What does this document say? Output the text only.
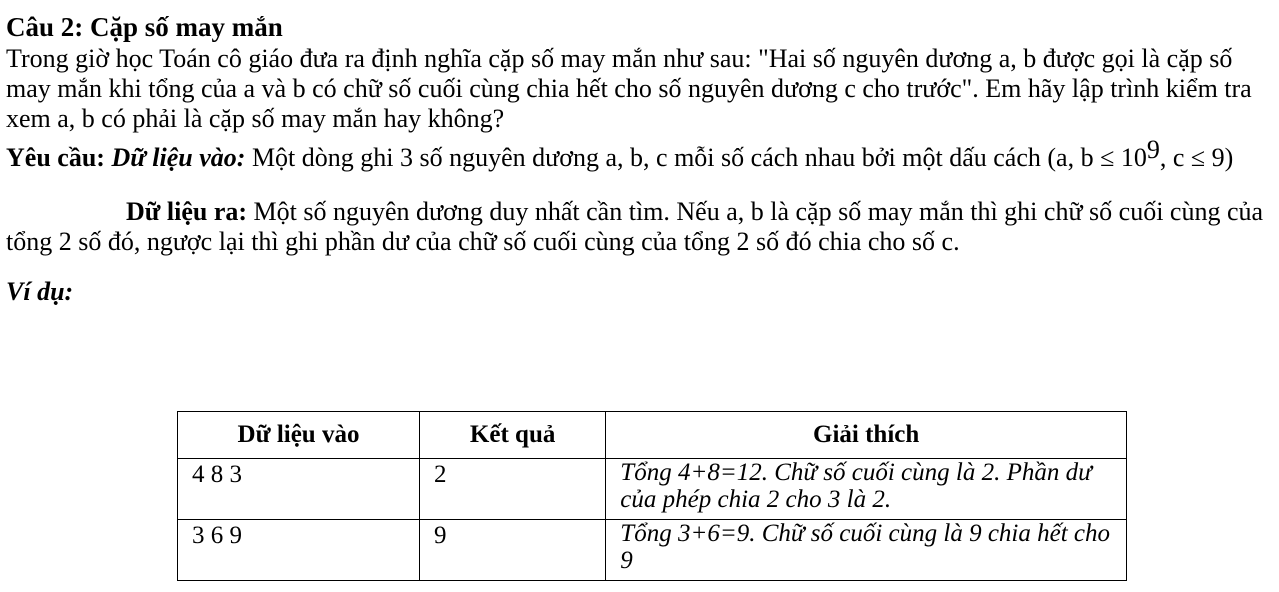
Câu 2: Cặp số may mắn

Trong giờ học Toán cô giáo đưa ra định nghĩa cặp số may mắn như sau: "Hai số nguyên dương a, b được gọi là cặp số may mắn khi tổng của a và b có chữ số cuối cùng chia hết cho số nguyên dương c cho trước". Em hãy lập trình kiểm tra xem a, b có phải là cặp số may mắn hay không?

Yêu cầu: Dữ liệu vào: Một dòng ghi 3 số nguyên dương a, b, c mỗi số cách nhau bởi một dấu cách (a, $b \le 10^9$, c ≤ 9)

Dữ liệu ra: Một số nguyên dương duy nhất cần tìm. Nếu a, b là cặp số may mắn thì ghi chữ số cuối cùng của tổng 2 số đó, ngược lại thì ghi phần dư của chữ số cuối cùng của tổng 2 số đó chia cho số c.

Ví dụ:

Dữ liệu vào	Kết quả	Giải thích
4 8 3	2	Tổng 4+8=12. Chữ số cuối cùng là 2. Phần dư của phép chia 2 cho 3 là 2.
3 6 9	9	Tổng 3+6=9. Chữ số cuối cùng là 9 chia hết cho 9
